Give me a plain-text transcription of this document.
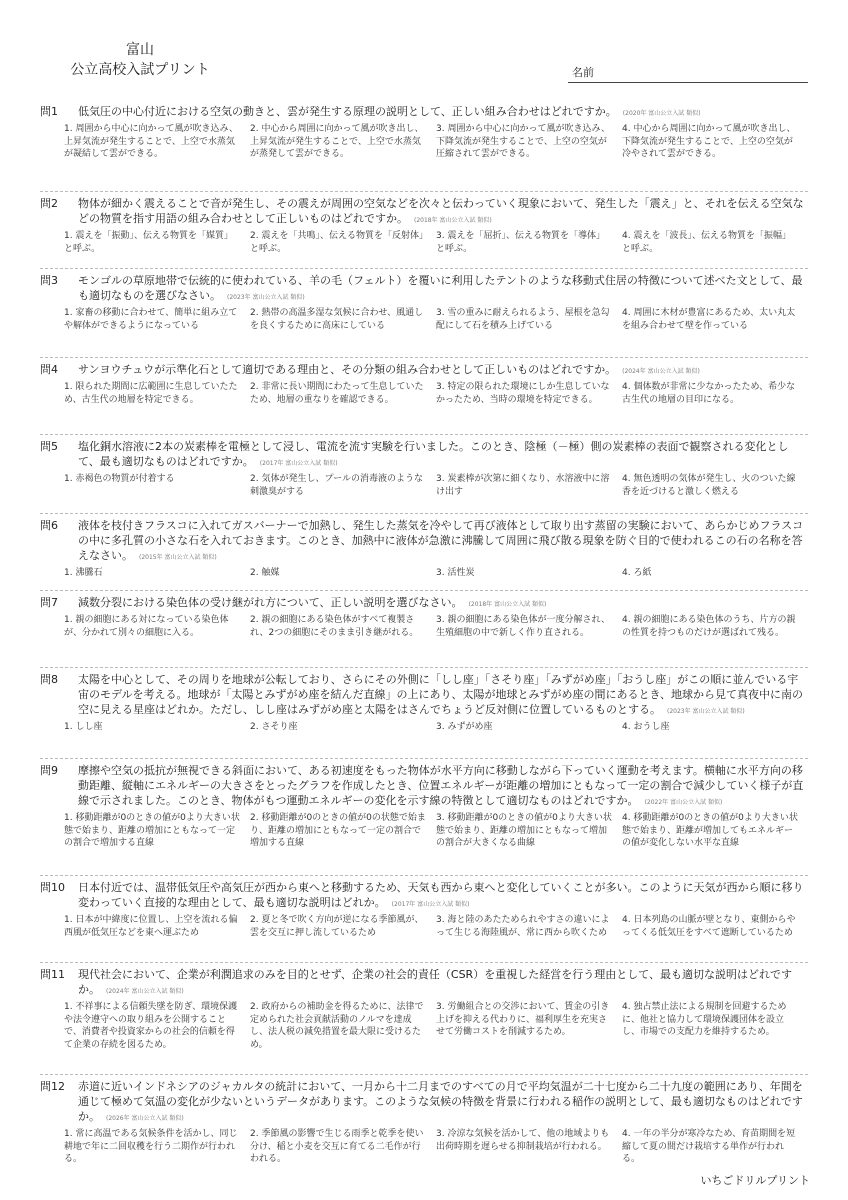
富山
公立高校入試プリント	名前
問1	低気圧の中心付近における空気の動きと、雲が発生する原理の説明として、正しい組み合わせはどれですか。 (2020年 富山公立入試 類似)
1. 周囲から中心に向かって風が吹き込み、上昇気流が発生することで、上空で水蒸気が凝結して雲ができる。
2. 中心から周囲に向かって風が吹き出し、上昇気流が発生することで、上空で水蒸気が蒸発して雲ができる。
3. 周囲から中心に向かって風が吹き込み、下降気流が発生することで、上空の空気が圧縮されて雲ができる。
4. 中心から周囲に向かって風が吹き出し、下降気流が発生することで、上空の空気が冷やされて雲ができる。
問2	物体が細かく震えることで音が発生し、その震えが周囲の空気などを次々と伝わっていく現象において、発生した「震え」と、それを伝える空気などの物質を指す用語の組み合わせとして正しいものはどれですか。 (2018年 富山公立入試 類似)
1. 震えを「振動」、伝える物質を「媒質」と呼ぶ。
2. 震えを「共鳴」、伝える物質を「反射体」と呼ぶ。
3. 震えを「屈折」、伝える物質を「導体」と呼ぶ。
4. 震えを「波長」、伝える物質を「振幅」と呼ぶ。
問3	モンゴルの草原地帯で伝統的に使われている、羊の毛（フェルト）を覆いに利用したテントのような移動式住居の特徴について述べた文として、最も適切なものを選びなさい。 (2023年 富山公立入試 類似)
1. 家畜の移動に合わせて、簡単に組み立てや解体ができるようになっている
2. 熱帯の高温多湿な気候に合わせ、風通しを良くするために高床にしている
3. 雪の重みに耐えられるよう、屋根を急勾配にして石を積み上げている
4. 周囲に木材が豊富にあるため、太い丸太を組み合わせて壁を作っている
問4	サンヨウチュウが示準化石として適切である理由と、その分類の組み合わせとして正しいものはどれですか。 (2024年 富山公立入試 類似)
1. 限られた期間に広範囲に生息していたため、古生代の地層を特定できる。
2. 非常に長い期間にわたって生息していたため、地層の重なりを確認できる。
3. 特定の限られた環境にしか生息していなかったため、当時の環境を特定できる。
4. 個体数が非常に少なかったため、希少な古生代の地層の目印になる。
問5	塩化銅水溶液に2本の炭素棒を電極として浸し、電流を流す実験を行いました。このとき、陰極（－極）側の炭素棒の表面で観察される変化として、最も適切なものはどれですか。 (2017年 富山公立入試 類似)
1. 赤褐色の物質が付着する	2. 気体が発生し、プールの消毒液のような刺激臭がする
3. 炭素棒が次第に細くなり、水溶液中に溶け出す
4. 無色透明の気体が発生し、火のついた線香を近づけると激しく燃える
問6	液体を枝付きフラスコに入れてガスバーナーで加熱し、発生した蒸気を冷やして再び液体として取り出す蒸留の実験において、あらかじめフラスコの中に多孔質の小さな石を入れておきます。このとき、加熱中に液体が急激に沸騰して周囲に飛び散る現象を防ぐ目的で使われるこの石の名称を答えなさい。 (2015年 富山公立入試 類似)
1. 沸騰石	2. 触媒	3. 活性炭	4. ろ紙
問7	減数分裂における染色体の受け継がれ方について、正しい説明を選びなさい。 (2018年 富山公立入試 類似)
1. 親の細胞にある対になっている染色体が、分かれて別々の細胞に入る。
2. 親の細胞にある染色体がすべて複製され、2つの細胞にそのまま引き継がれる。
3. 親の細胞にある染色体が一度分解され、生殖細胞の中で新しく作り直される。
4. 親の細胞にある染色体のうち、片方の親の性質を持つものだけが選ばれて残る。
問8	太陽を中心として、その周りを地球が公転しており、さらにその外側に「しし座」「さそり座」「みずがめ座」「おうし座」がこの順に並んでいる宇宙のモデルを考える。地球が「太陽とみずがめ座を結んだ直線」の上にあり、太陽が地球とみずがめ座の間にあるとき、地球から見て真夜中に南の空に見える星座はどれか。ただし、しし座はみずがめ座と太陽をはさんでちょうど反対側に位置しているものとする。 (2023年 富山公立入試 類似)
1. しし座	2. さそり座	3. みずがめ座	4. おうし座
問9	摩擦や空気の抵抗が無視できる斜面において、ある初速度をもった物体が水平方向に移動しながら下っていく運動を考えます。横軸に水平方向の移動距離、縦軸にエネルギーの大きさをとったグラフを作成したとき、位置エネルギーが距離の増加にともなって一定の割合で減少していく様子が直線で示されました。このとき、物体がもつ運動エネルギーの変化を示す線の特徴として適切なものはどれですか。 (2022年 富山公立入試 類似)
1. 移動距離が0のときの値が0より大きい状態で始まり、距離の増加にともなって一定の割合で増加する直線
2. 移動距離が0のときの値が0の状態で始まり、距離の増加にともなって一定の割合で増加する直線
3. 移動距離が0のときの値が0より大きい状態で始まり、距離の増加にともなって増加の割合が大きくなる曲線
4. 移動距離が0のときの値が0より大きい状態で始まり、距離が増加してもエネルギーの値が変化しない水平な直線
問10	日本付近では、温帯低気圧や高気圧が西から東へと移動するため、天気も西から東へと変化していくことが多い。このように天気が西から順に移り変わっていく直接的な理由として、最も適切な説明はどれか。 (2017年 富山公立入試 類似)
1. 日本が中緯度に位置し、上空を流れる偏西風が低気圧などを東へ運ぶため
2. 夏と冬で吹く方向が逆になる季節風が、雲を交互に押し流しているため
3. 海と陸のあたためられやすさの違いによって生じる海陸風が、常に西から吹くため
4. 日本列島の山脈が壁となり、東側からやってくる低気圧をすべて遮断しているため
問11	現代社会において、企業が利潤追求のみを目的とせず、企業の社会的責任（CSR）を重視した経営を行う理由として、最も適切な説明はどれですか。 (2024年 富山公立入試 類似)
1. 不祥事による信頼失墜を防ぎ、環境保護や法令遵守への取り組みを公開することで、消費者や投資家からの社会的信頼を得て企業の存続を図るため。
2. 政府からの補助金を得るために、法律で定められた社会貢献活動のノルマを達成し、法人税の減免措置を最大限に受けるため。
3. 労働組合との交渉において、賃金の引き上げを抑える代わりに、福利厚生を充実させて労働コストを削減するため。
4. 独占禁止法による規制を回避するために、他社と協力して環境保護団体を設立し、市場での支配力を維持するため。
問12	赤道に近いインドネシアのジャカルタの統計において、一月から十二月までのすべての月で平均気温が二十七度から二十九度の範囲にあり、年間を通じて極めて気温の変化が少ないというデータがあります。このような気候の特徴を背景に行われる稲作の説明として、最も適切なものはどれですか。 (2026年 富山公立入試 類似)
1. 常に高温である気候条件を活かし、同じ耕地で年に二回収穫を行う二期作が行われる。
2. 季節風の影響で生じる雨季と乾季を使い分け、稲と小麦を交互に育てる二毛作が行われる。
3. 冷涼な気候を活かして、他の地域よりも出荷時期を遅らせる抑制栽培が行われる。
4. 一年の半分が寒冷なため、育苗期間を短縮して夏の間だけ栽培する単作が行われる。
いちごドリルプリント
